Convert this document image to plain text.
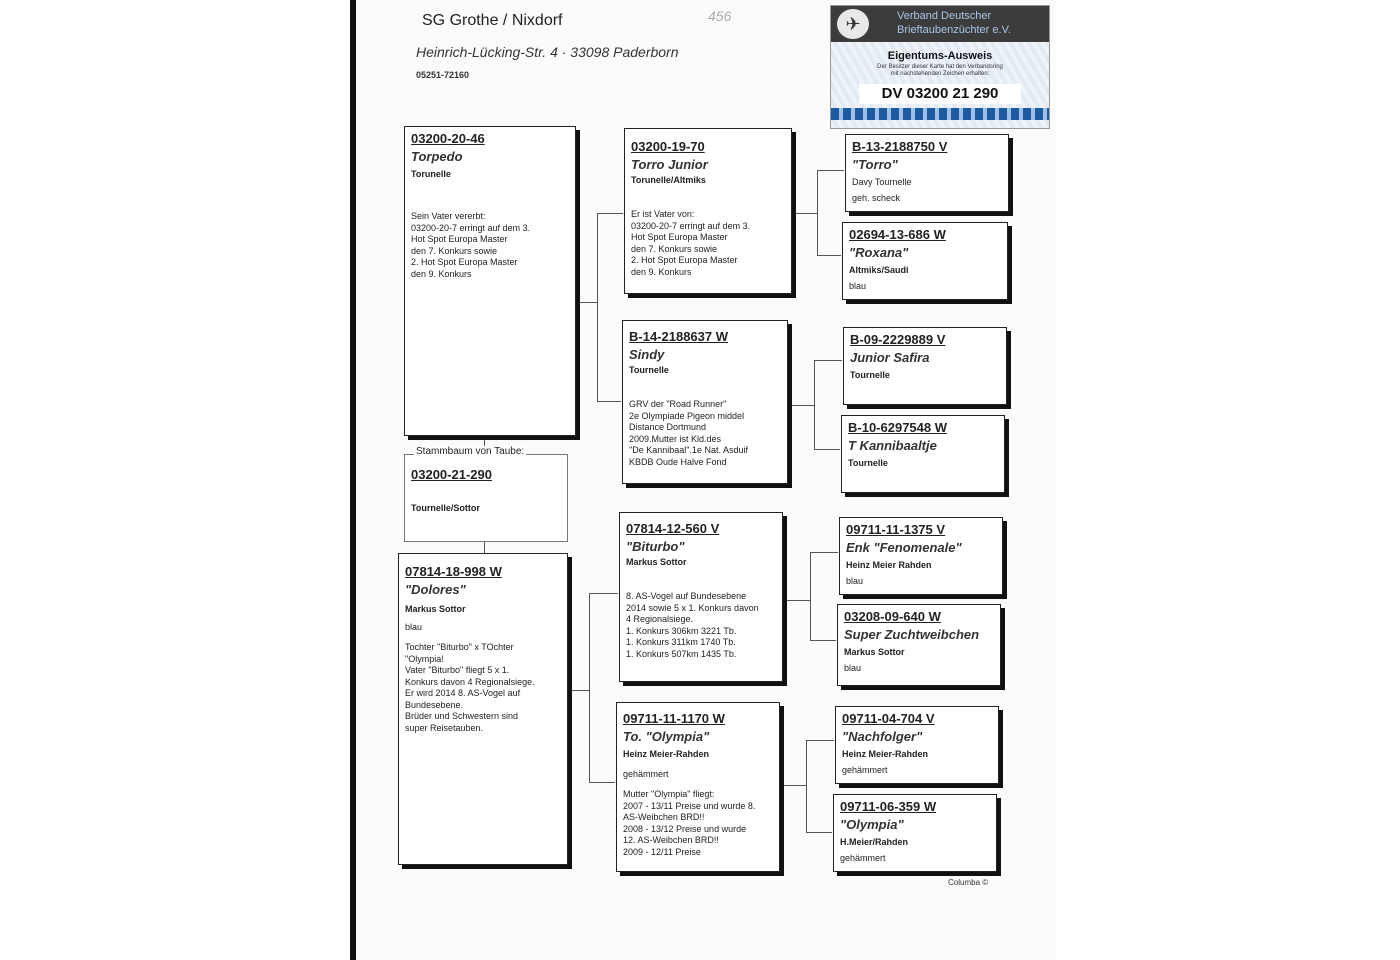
SG Grothe / Nixdorf
Heinrich-Lücking-Str. 4 · 33098 Paderborn
05251-72160
456	✈	Verband Deutscher
Brieftaubenzüchter e.V.
Eigentums-Ausweis
Der Besitzer dieser Karte hat den Verbandsring
mit nachstehenden Zeichen erhalten:
DV 03200 21 290
03200-20-46
Torpedo
Torunelle
Sein Vater vererbt:
03200-20-7 erringt auf dem 3.
Hot Spot Europa Master
den 7. Konkurs sowie
2. Hot Spot Europa Master
den 9. Konkurs
03200-21-290
Tournelle/Sottor
Stammbaum von Taube:
07814-18-998 W
"Dolores"
Markus Sottor
blau
Tochter "Biturbo" x TOchter
"Olympia!
Vater "Biturbo" fliegt 5 x 1.
Konkurs davon 4 Regionalsiege.
Er wird 2014 8. AS-Vogel auf
Bundesebene.
Brüder und Schwestern sind
super Reisetauben.
03200-19-70
Torro Junior
Torunelle/Altmiks
Er ist Vater von:
03200-20-7 erringt auf dem 3.
Hot Spot Europa Master
den 7. Konkurs sowie
2. Hot Spot Europa Master
den 9. Konkurs
B-14-2188637 W
Sindy
Tournelle
GRV der "Road Runner"
2e Olympiade Pigeon middel
Distance Dortmund
2009.Mutter ist Kld.des
"De Kannibaal".1e Nat. Asduif
KBDB Oude Halve Fond
07814-12-560 V
"Biturbo"
Markus Sottor
8. AS-Vogel auf Bundesebene
2014 sowie 5 x 1. Konkurs davon
4 Regionalsiege.
1. Konkurs 306km 3221 Tb.
1. Konkurs 311km 1740 Tb.
1. Konkurs 507km 1435 Tb.
09711-11-1170 W
To. "Olympia"
Heinz Meier-Rahden
gehämmert
Mutter "Olympia" fliegt:
2007 - 13/11 Preise und wurde 8.
AS-Weibchen BRD!!
2008 - 13/12 Preise und wurde
12. AS-Weibchen BRD!!
2009 - 12/11 Preise
B-13-2188750 V
"Torro"
Davy Tournelle
geh. scheck
02694-13-686 W
"Roxana"
Altmiks/Saudi
blau
B-09-2229889 V
Junior Safira
Tournelle
B-10-6297548 W
T Kannibaaltje
Tournelle
09711-11-1375 V
Enk "Fenomenale"
Heinz Meier Rahden
blau
03208-09-640 W
Super Zuchtweibchen
Markus Sottor
blau
09711-04-704 V
"Nachfolger"
Heinz Meier-Rahden
gehämmert
09711-06-359 W
"Olympia"
H.Meier/Rahden
gehämmert
Columba ©
